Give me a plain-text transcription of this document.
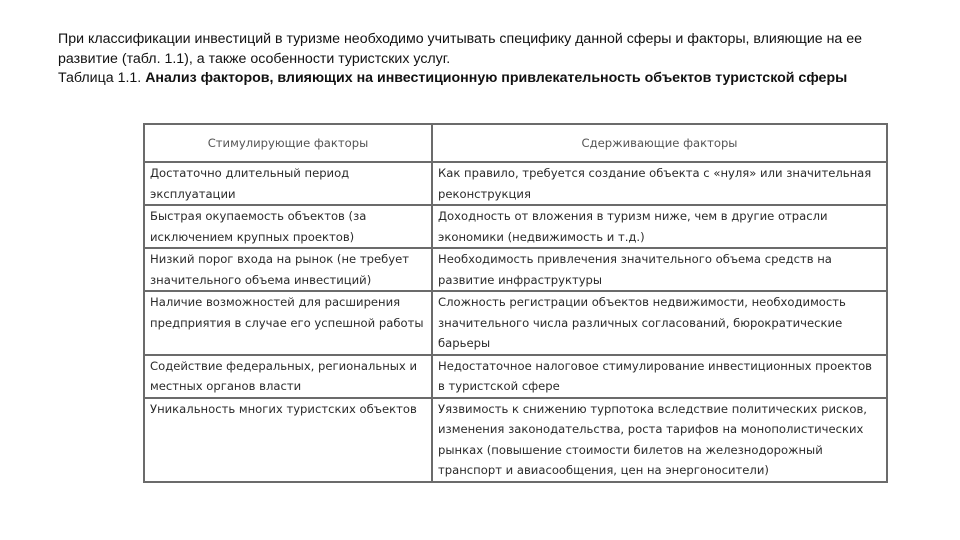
При классификации инвестиций в туризме необходимо учитывать специфику данной сферы и факторы, влияющие на ее развитие (табл. 1.1), а также особенности туристских услуг.

Таблица 1.1. Анализ факторов, влияющих на инвестиционную привлекательность объектов туристской сферы

Стимулирующие факторы	Сдерживающие факторы
Достаточно длительный период эксплуатации	Как правило, требуется создание объекта с «нуля» или значительная реконструкция
Быстрая окупаемость объектов (за исключением крупных проектов)	Доходность от вложения в туризм ниже, чем в другие отрасли экономики (недвижимость и т.д.)
Низкий порог входа на рынок (не требует значительного объема инвестиций)	Необходимость привлечения значительного объема средств на развитие инфраструктуры
Наличие возможностей для расширения предприятия в случае его успешной работы	Сложность регистрации объектов недвижимости, необходимость значительного числа различных согласований, бюрократические барьеры
Содействие федеральных, региональных и местных органов власти	Недостаточное налоговое стимулирование инвестиционных проектов в туристской сфере
Уникальность многих туристских объектов	Уязвимость к снижению турпотока вследствие политических рисков, изменения законодательства, роста тарифов на монополистических рынках (повышение стоимости билетов на железнодорожный транспорт и авиасообщения, цен на энергоносители)
